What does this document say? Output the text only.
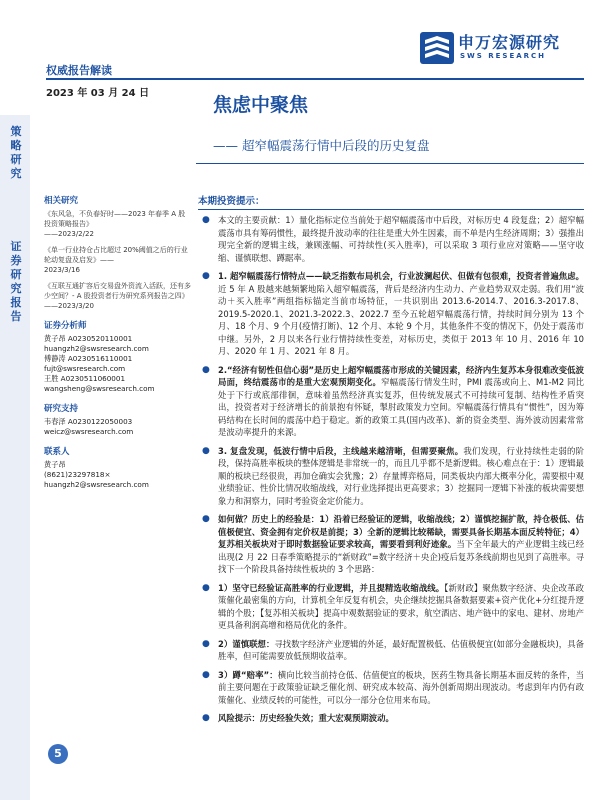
申万宏源研究
SWS RESEARCH
权威报告解读
2023 年 03 月 24 日
焦虑中聚焦
—— 超窄幅震荡行情中后段的历史复盘
策略研究
证券研究报告
相关研究
《东风急，不负春好时——2023 年春季 A 股投资策略报告》
——2023/2/22
《单一行业持仓占比超过 20%阈值之后的行业轮动复盘及启发》——
2023/3/16
《互联互通扩容后交易盘外资流入活跃，还有多少空间？- A 股投资者行为研究系列报告之四》
——2023/3/20
证券分析师
黄子昂 A0230520110001
huangzh2@swsresearch.com
傅静涛 A0230516110001
fujt@swsresearch.com
王胜 A0230511060001
wangsheng@swsresearch.com
研究支持
韦春泽 A0230122050003
weicz@swsresearch.com
联系人
黄子昂
(8621)23297818×
huangzh2@swsresearch.com
本期投资提示：
● 本文的主要贡献：1）量化指标定位当前处于超窄幅震荡市中后段，对标历史 4 段复盘；2）超窄幅震荡市具有筹码惯性，最终提升波动率的往往是重大外生因素，而不单是内生经济周期；3）强推出现完全新的逻辑主线，兼顾涨幅、可持续性(买入胜率)，可以采取 3 项行业应对策略——坚守收缩、谨慎联想、蹲踞率。
● 1. 超窄幅震荡行情特点——缺乏指数布局机会，行业波澜起伏、但做有包很难，投资者普遍焦虑。近 5 年 A 股越来越频繁地陷入超窄幅震荡，背后是经济内生动力、产业趋势双双走弱。我们用“波动＋买入胜率”两组指标锚定当前市场特征，一共识别出 2013.6-2014.7、2016.3-2017.8、2019.5-2020.1、2021.3-2022.3、2022.7 至今五轮超窄幅震荡行情，持续时间分别为 13 个月、18 个月、9 个月(疫情打断)、12 个月、本轮 9 个月，其他条件不变的情况下，仍处于震荡市中继。另外，2 月以来各行业行情持续性变差，对标历史，类似于 2013 年 10 月、2016 年 10 月、2020 年 1 月、2021 年 8 月。
● 2.“经济有韧性但信心弱”是历史上超窄幅震荡市形成的关键因素，经济内生复苏本身很难改变低波局面，终结震荡市的是重大宏观预期变化。窄幅震荡行情发生时，PMI 震荡或向上、M1-M2 同比处于下行或底部徘徊，意味着虽然经济真实复苏，但传统发展式不可持续可复制、结构性矛盾突出，投资者对于经济增长的前景抱有怀疑，掣肘政策发力空间。窄幅震荡行情具有“惯性”，因为筹码结构在长时间的震荡中趋于稳定。新的政策工具(国内改革)、新的资金类型、海外波动因素常常是波动率提升的来源。
● 3. 复盘发现，低波行情中后段，主线越来越清晰，但需要聚焦。我们发现，行业持续性走弱的阶段，保持高胜率板块的整体逻辑是非常统一的，而且几乎都不是新逻辑。核心难点在于：1）逻辑最顺的板块已经很贵，再加仓确实会犹豫；2）存量博弈格局，同类板块内部大概率分化，需要根中观业绩验证、性价比情况收缩战线，对行业选择提出更高要求；3）挖掘同一逻辑下补涨的板块需要想象力和洞察力，同时考验资金定价能力。
● 如何做？历史上的经验是：1）沿着已经验证的逻辑，收缩战线；2）谨慎挖掘扩散，持仓极低、估值极便宜、资金拥有定价权是前提；3）全新的逻辑比较稀缺，需要具备长期基本面反转特征；4）复苏相关板块对于即时数据验证要求较高，需要看到利好迹象。当下全年最大的产业逻辑主线已经出现(2 月 22 日春季策略提示的“新财政”=数字经济＋央企)疫后复苏条线前期也见到了高胜率。寻找下一个阶段具备持续性板块的 3 个思路：
● 1）坚守已经验证高胜率的行业逻辑，并且提精选收缩战线。【新财政】聚焦数字经济、央企改革政策催化最密集的方向，计算机全年反复有机会，央企继续挖掘具备数据要素+资产优化+分红提升逻辑的个股；【复苏相关板块】提高中观数据验证的要求，航空酒店、地产链中的家电、建材、房地产更具备利润高增和格局优化的条件。
● 2）谨慎联想：寻找数字经济产业逻辑的外延，最好配置极低、估值极便宜(如部分金融板块)，具备胜率，但可能需要放低预期收益率。
● 3）蹲“赔率”：横向比较当前持仓低、估值便宜的板块，医药生物具备长期基本面反转的条件，当前主要问题在于政策验证缺乏催化剂、研究成本较高、海外创新周期出现波动。考虑到年内仍有政策催化、业绩反转的可能性，可以分一部分仓位用来布局。
● 风险提示：历史经验失效；重大宏观预期波动。
5
